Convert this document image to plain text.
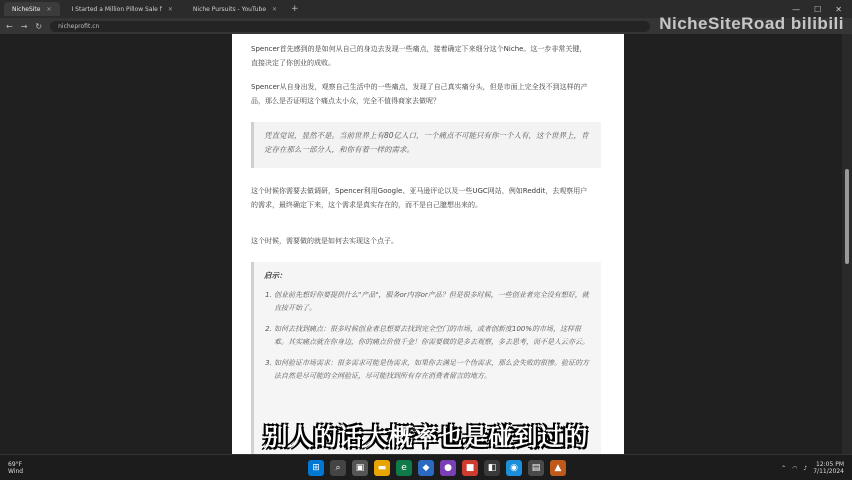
NicheSite ✕	I Started a Million Pillow Sale f ✕	Niche Pursuits - YouTube ✕ +	— ☐ ✕
← → ↻	nicheprofit.cn	NicheSiteRoad bilibili

Spencer首先感到的是如何从自己的身边去发现一些痛点，接着确定下来细分这个Niche。这一步非常关键，直接决定了你创业的成败。

Spencer从自身出发，观察自己生活中的一些痛点，发现了自己真实痛分头，但是市面上完全找不到这样的产品，那么是否证明这个痛点太小众，完全不值得商家去做呢？

凭直觉说，显然不是。当前世界上有80亿人口，一个痛点不可能只有你一个人有，这个世界上，肯定存在那么一部分人，和你有着一样的需求。

这个时候你需要去做调研，Spencer利用Google、亚马逊评论以及一些UGC网站，例如Reddit，去观察用户的需求，最终确定下来，这个需求是真实存在的，而不是自己臆想出来的。

这个时候，需要做的就是如何去实现这个点子。

启示：
1. 创业前先想好你要提供什么"产品"，服务or内容or产品？但是很多时候，一些创业者完全没有想好，就直接开始了。
2. 如何去找到痛点：很多时候创业者总想要去找到完全空门的市场，或者创新度100%的市场，这样很难。其实痛点就在你身边，你的痛点价值千金！你需要做的是多去观察，多去思考，而不是人云亦云。
3. 如何验证市场需求：很多需求可能是伪需求，如果你去满足一个伪需求，那么会失败的很惨。验证的方法自然是尽可能的全网验证，尽可能找到所有存在消费者留言的地方。
别人的话大概率也是碰到过的
69°F
Wind	⊞	⌕	▣	▬	e	◆	●	■	◧	◉	▤	▲	⌃ ◠ ♪	12:05 PM
7/11/2024
